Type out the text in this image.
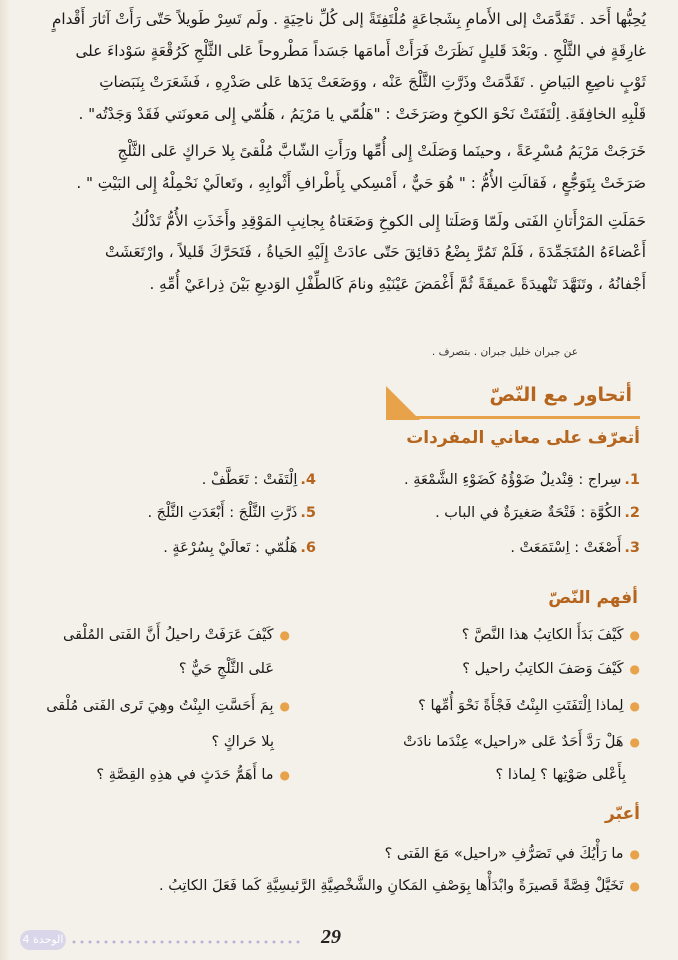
يُحِبُّها أَحَد . تَقَدَّمَتْ إلى الأَمامِ بِشَجاعَةٍ مُلْتَفِتَةً إلى كُلِّ ناحِيَةٍ . ولَم تَسِرْ طَويلاً حَتّى رَأَتْ آثارَ أَقْدامٍ

غارِقَةٍ في الثَّلْجِ . وبَعْدَ قَليلٍ نَظَرَتْ فَرَأَتْ أَمامَها جَسَداً مَطْروحاً عَلى الثَّلْجِ كَرُقْعَةٍ سَوْداءَ على

ثَوْبٍ ناصِعِ البَياضِ . تَقَدَّمَتْ وذَرَّتِ الثَّلْجَ عَنْه ، ووَضَعَتْ يَدَها عَلى صَدْرِهِ ، فَشَعَرَتْ بِنَبَضاتِ

قَلْبِهِ الخافِقَةِ. اِلْتَفَتَتْ نَحْوَ الكوخِ وصَرَخَتْ : "هَلُمّي يا مَرْيَمُ ، هَلُمّي إِلى مَعونَتي فَقَدْ وَجَدْتُه" .

خَرَجَتْ مَرْيَمُ مُسْرِعَةً ، وحينَما وَصَلَتْ إِلى أُمِّها ورَأَتِ الشّابَّ مُلْقىً بِلا حَراكٍ عَلى الثَّلْجِ

صَرَخَتْ بِتَوَجُّعٍ ، فَقالَتِ الأُمُّ : " هُوَ حَيٌّ ، أَمْسِكي بِأَطْرافِ أَثْوابِهِ ، وتَعالَيْ نَحْمِلْهُ إِلى البَيْتِ " .

حَمَلَتِ المَرْأَتانِ الفَتى ولَمّا وَصَلَتا إِلى الكوخِ وَضَعَتاهُ بِجانِبِ المَوْقِدِ وأَخَذَتِ الأُمُّ تَدْلُكُ

أَعْضاءَهُ المُتَجَمِّدَةَ ، فَلَمْ تَمُرَّ بِضْعُ دَقائِقَ حَتّى عادَتْ إِلَيْهِ الحَياةُ ، فَتَحَرَّكَ قَليلاً ، وارْتَعَشَتْ

أَجْفانُهُ ، وتَنَهَّدَ تَنْهيدَةً عَميقَةً ثُمَّ أَغْمَضَ عَيْنَيْهِ ونامَ كَالطِّفْلِ الوَديعِ بَيْنَ ذِراعَيْ أُمِّهِ .

عن جبران خليل جبران . بتصرف .
أتحاور مع النّصّ
أتعرّف على معاني المفردات
1.سِراج : قِنْديلٌ ضَوْؤُهُ كَضَوْءِ الشَّمْعَةِ .
2.الكُوَّة : فَتْحَةٌ صَغيرَةٌ في الباب .
3.أَصْغَتْ : اِسْتَمَعَتْ .
4.اِلْتَفَتْ : تَعَطَّفْ .
5.ذَرَّتِ الثَّلْجَ : أَبْعَدَتِ الثَّلْجَ .
6.هَلُمّي : تَعالَيْ بِسُرْعَةٍ .
أفهم النّصّ
●كَيْفَ بَدَأَ الكاتِبُ هذا النَّصَّ ؟
●كَيْفَ وَصَفَ الكاتِبُ راحيل ؟
●لِماذا اِلْتَفَتَتِ البِنْتُ فَجْأَةً نَحْوَ أُمِّها ؟
●هَلْ رَدَّ أَحَدٌ عَلى «راحيل» عِنْدَما نادَتْ
بِأَعْلى صَوْتِها ؟ لِماذا ؟
●كَيْفَ عَرَفَتْ راحيلُ أَنَّ الفَتى المُلْقى
عَلى الثَّلْجِ حَيٌّ ؟
●بِمَ أَحَسَّتِ البِنْتُ وهِيَ تَرى الفَتى مُلْقى
بِلا حَراكٍ ؟
●ما أَهَمُّ حَدَثٍ في هذِهِ القِصَّةِ ؟
أعبّر
●ما رَأْيُكَ في تَصَرُّفِ «راحيل» مَعَ الفَتى ؟
●تَخَيَّلْ قِصَّةً قَصيرَةً وابْدَأْها بِوَصْفِ المَكانِ والشَّخْصِيَّةِ الرَّئيسِيَّةِ كَما فَعَلَ الكاتِبُ .
الوحدة 4	29
